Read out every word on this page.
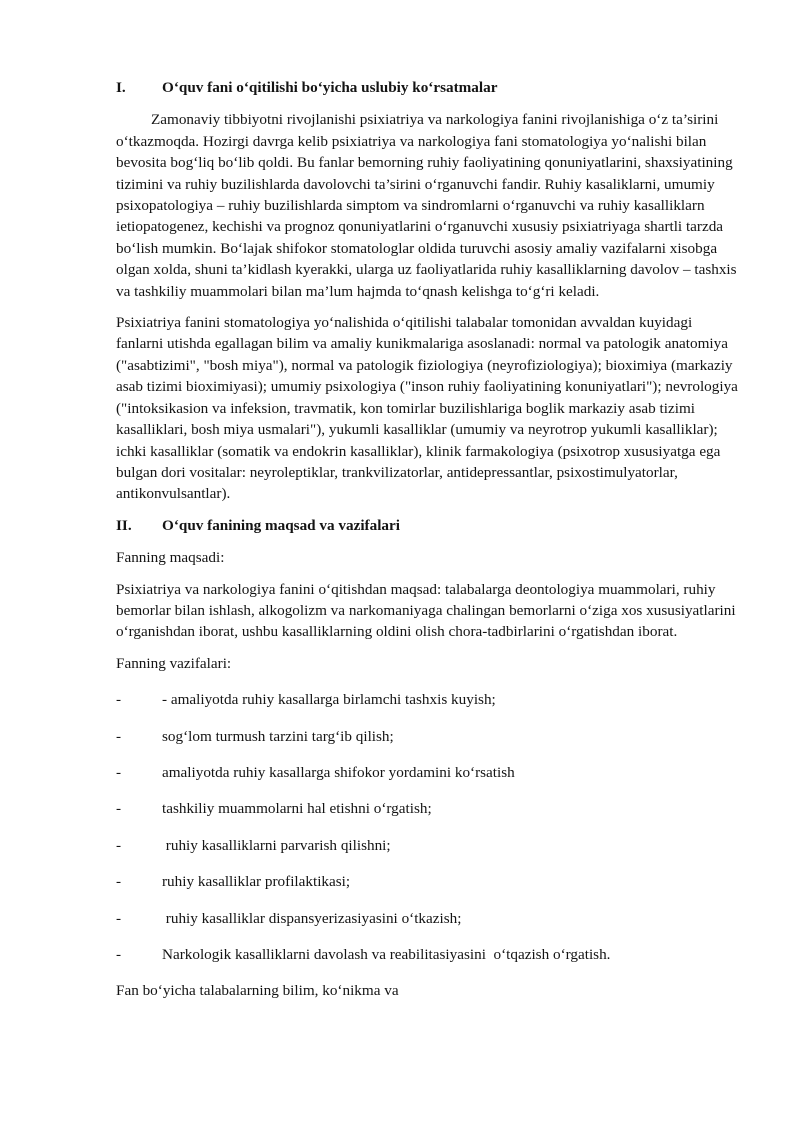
I.	O‘quv fani o‘qitilishi bo‘yicha uslubiy ko‘rsatmalar

Zamonaviy tibbiyotni rivojlanishi psixiatriya va narkologiya fanini rivojlanishiga o‘z ta’sirini o‘tkazmoqda. Hozirgi davrga kelib psixiatriya va narkologiya fani stomatologiya yo‘nalishi bilan bevosita bog‘liq bo‘lib qoldi. Bu fanlar bemorning ruhiy faoliyatining qonuniyatlarini, shaxsiyatining tizimini va ruhiy buzilishlarda davolovchi ta’sirini o‘rganuvchi fandir. Ruhiy kasaliklarni, umumiy psixopatologiya – ruhiy buzilishlarda simptom va sindromlarni o‘rganuvchi va ruhiy kasalliklarn ietiopatogenez, kechishi va prognoz qonuniyatlarini o‘rganuvchi xususiy psixiatriyaga shartli tarzda bo‘lish mumkin. Bo‘lajak shifokor stomatologlar oldida turuvchi asosiy amaliy vazifalarni xisobga olgan xolda, shuni ta’kidlash kyerakki, ularga uz faoliyatlarida ruhiy kasalliklarning davolov – tashxis va tashkiliy muammolari bilan ma’lum hajmda to‘qnash kelishga to‘g‘ri keladi.

Psixiatriya fanini stomatologiya yo‘nalishida o‘qitilishi talabalar tomonidan avvaldan kuyidagi fanlarni utishda egallagan bilim va amaliy kunikmalariga asoslanadi: normal va patologik anatomiya ("asabtizimi", "bosh miya"), normal va patologik fiziologiya (neyrofiziologiya); bioximiya (markaziy asab tizimi bioximiyasi); umumiy psixologiya ("inson ruhiy faoliyatining konuniyatlari"); nevrologiya ("intoksikasion va infeksion, travmatik, kon tomirlar buzilishlariga boglik markaziy asab tizimi kasalliklari, bosh miya usmalari"), yukumli kasalliklar (umumiy va neyrotrop yukumli kasalliklar); ichki kasalliklar (somatik va endokrin kasalliklar), klinik farmakologiya (psixotrop xususiyatga ega bulgan dori vositalar: neyroleptiklar, trankvilizatorlar, antidepressantlar, psixostimulyatorlar, antikonvulsantlar).

II.	O‘quv fanining maqsad va vazifalari

Fanning maqsadi:

Psixiatriya va narkologiya fanini o‘qitishdan maqsad: talabalarga deontologiya muammolari, ruhiy bemorlar bilan ishlash, alkogolizm va narkomaniyaga chalingan bemorlarni o‘ziga xos xususiyatlarini o‘rganishdan iborat, ushbu kasalliklarning oldini olish chora-tadbirlarini o‘rgatishdan iborat.

Fanning vazifalari:

-	- amaliyotda ruhiy kasallarga birlamchi tashxis kuyish;
-	sog‘lom turmush tarzini targ‘ib qilish;
-	amaliyotda ruhiy kasallarga shifokor yordamini ko‘rsatish
-	tashkiliy muammolarni hal etishni o‘rgatish;
-	ruhiy kasalliklarni parvarish qilishni;
-	ruhiy kasalliklar profilaktikasi;
-	ruhiy kasalliklar dispansyerizasiyasini o‘tkazish;
-	Narkologik kasalliklarni davolash va reabilitasiyasini  o‘tqazish o‘rgatish.

Fan bo‘yicha talabalarning bilim, ko‘nikma va
